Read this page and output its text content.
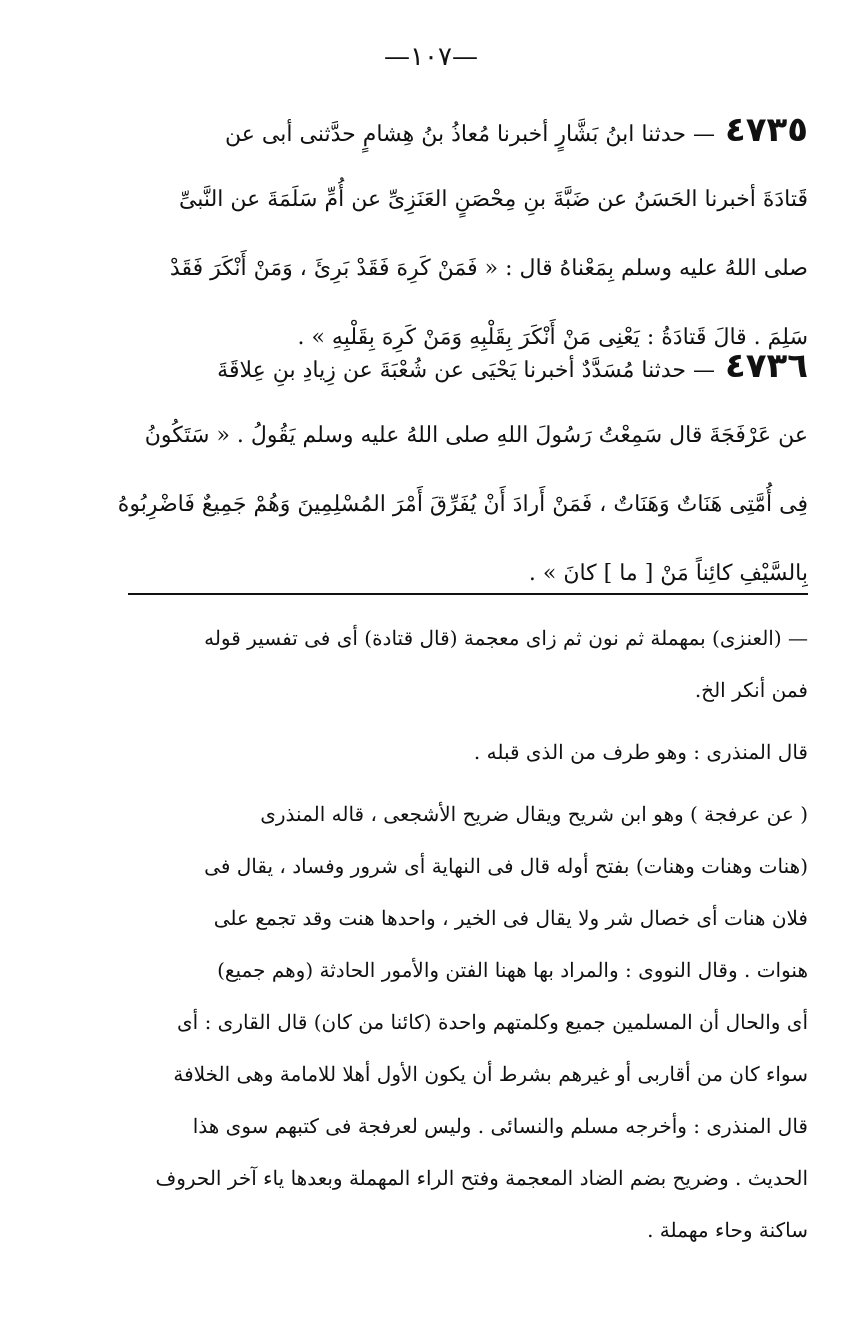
—١٠٧—
٤٧٣٥— حدثنا ابنُ بَشَّارٍ أخبرنا مُعاذُ بنُ هِشامٍ حدَّثنى أبى عن
قَتادَةَ أخبرنا الحَسَنُ عن ضَبَّةَ بنِ مِحْصَنٍ العَنَزِىِّ عن أُمِّ سَلَمَةَ عن النَّبىِّ
صلى اللهُ عليه وسلم بِمَعْناهُ قال : « فَمَنْ كَرِهَ فَقَدْ بَرِئَ ، وَمَنْ أَنْكَرَ فَقَدْ
سَلِمَ . قالَ قَتادَةُ : يَعْنِى مَنْ أَنْكَرَ بِقَلْبِهِ وَمَنْ كَرِهَ بِقَلْبِهِ » .
٤٧٣٦— حدثنا مُسَدَّدٌ أخبرنا يَحْيَى عن شُعْبَةَ عن زِيادِ بنِ عِلاقَةَ
عن عَرْفَجَةَ قال سَمِعْتُ رَسُولَ اللهِ صلى اللهُ عليه وسلم يَقُولُ . « سَتَكُونُ
فِى أُمَّتِى هَنَاتٌ وَهَنَاتٌ ، فَمَنْ أَرادَ أَنْ يُفَرِّقَ أَمْرَ المُسْلِمِينَ وَهُمْ جَمِيعٌ فَاضْرِبُوهُ
بِالسَّيْفِ كائِناً مَنْ [ ما ] كانَ » .
— (العنزى) بمهملة ثم نون ثم زاى معجمة (قال قتادة) أى فى تفسير قوله
فمن أنكر الخ.
قال المنذرى : وهو طرف من الذى قبله .
( عن عرفجة ) وهو ابن شريح ويقال ضريح الأشجعى ، قاله المنذرى
(هنات وهنات وهنات) بفتح أوله قال فى النهاية أى شرور وفساد ، يقال فى
فلان هنات أى خصال شر ولا يقال فى الخير ، واحدها هنت وقد تجمع على
هنوات . وقال النووى : والمراد بها ههنا الفتن والأمور الحادثة (وهم جميع)
أى والحال أن المسلمين جميع وكلمتهم واحدة (كائنا من كان) قال القارى : أى
سواء كان من أقاربى أو غيرهم بشرط أن يكون الأول أهلا للامامة وهى الخلافة
قال المنذرى : وأخرجه مسلم والنسائى . وليس لعرفجة فى كتبهم سوى هذا
الحديث . وضريح بضم الضاد المعجمة وفتح الراء المهملة وبعدها ياء آخر الحروف
ساكنة وحاء مهملة .
